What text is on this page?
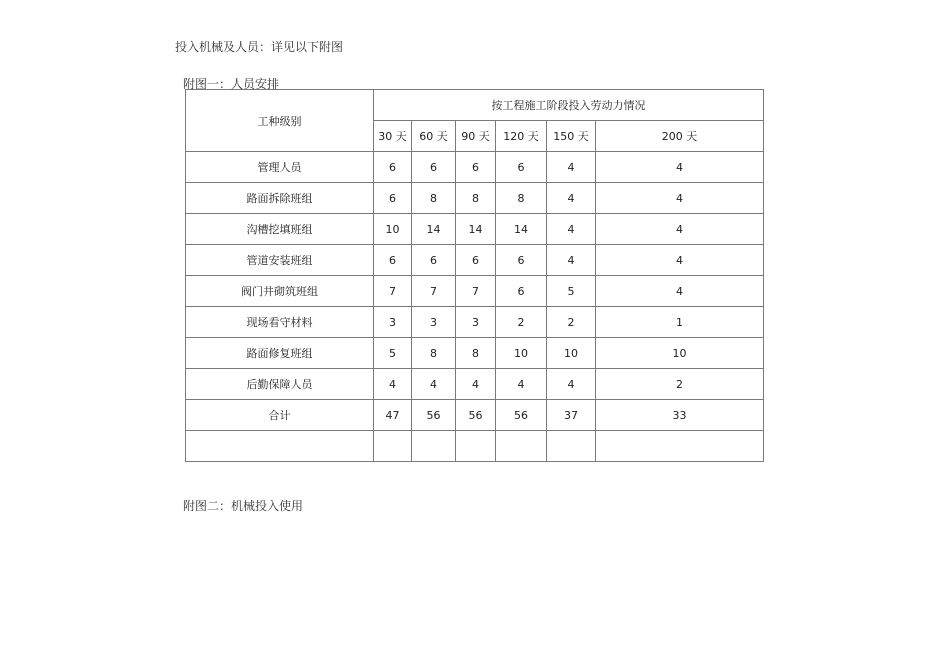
投入机械及人员：详见以下附图
附图一：人员安排
工种级别	按工程施工阶段投入劳动力情况					
	30 天	60 天	90 天	120 天	150 天	200 天
管理人员	6	6	6	6	4	4
路面拆除班组	6	8	8	8	4	4
沟槽挖填班组	10	14	14	14	4	4
管道安装班组	6	6	6	6	4	4
阀门井砌筑班组	7	7	7	6	5	4
现场看守材料	3	3	3	2	2	1
路面修复班组	5	8	8	10	10	10
后勤保障人员	4	4	4	4	4	2
合计	47	56	56	56	37	33

附图二：机械投入使用
